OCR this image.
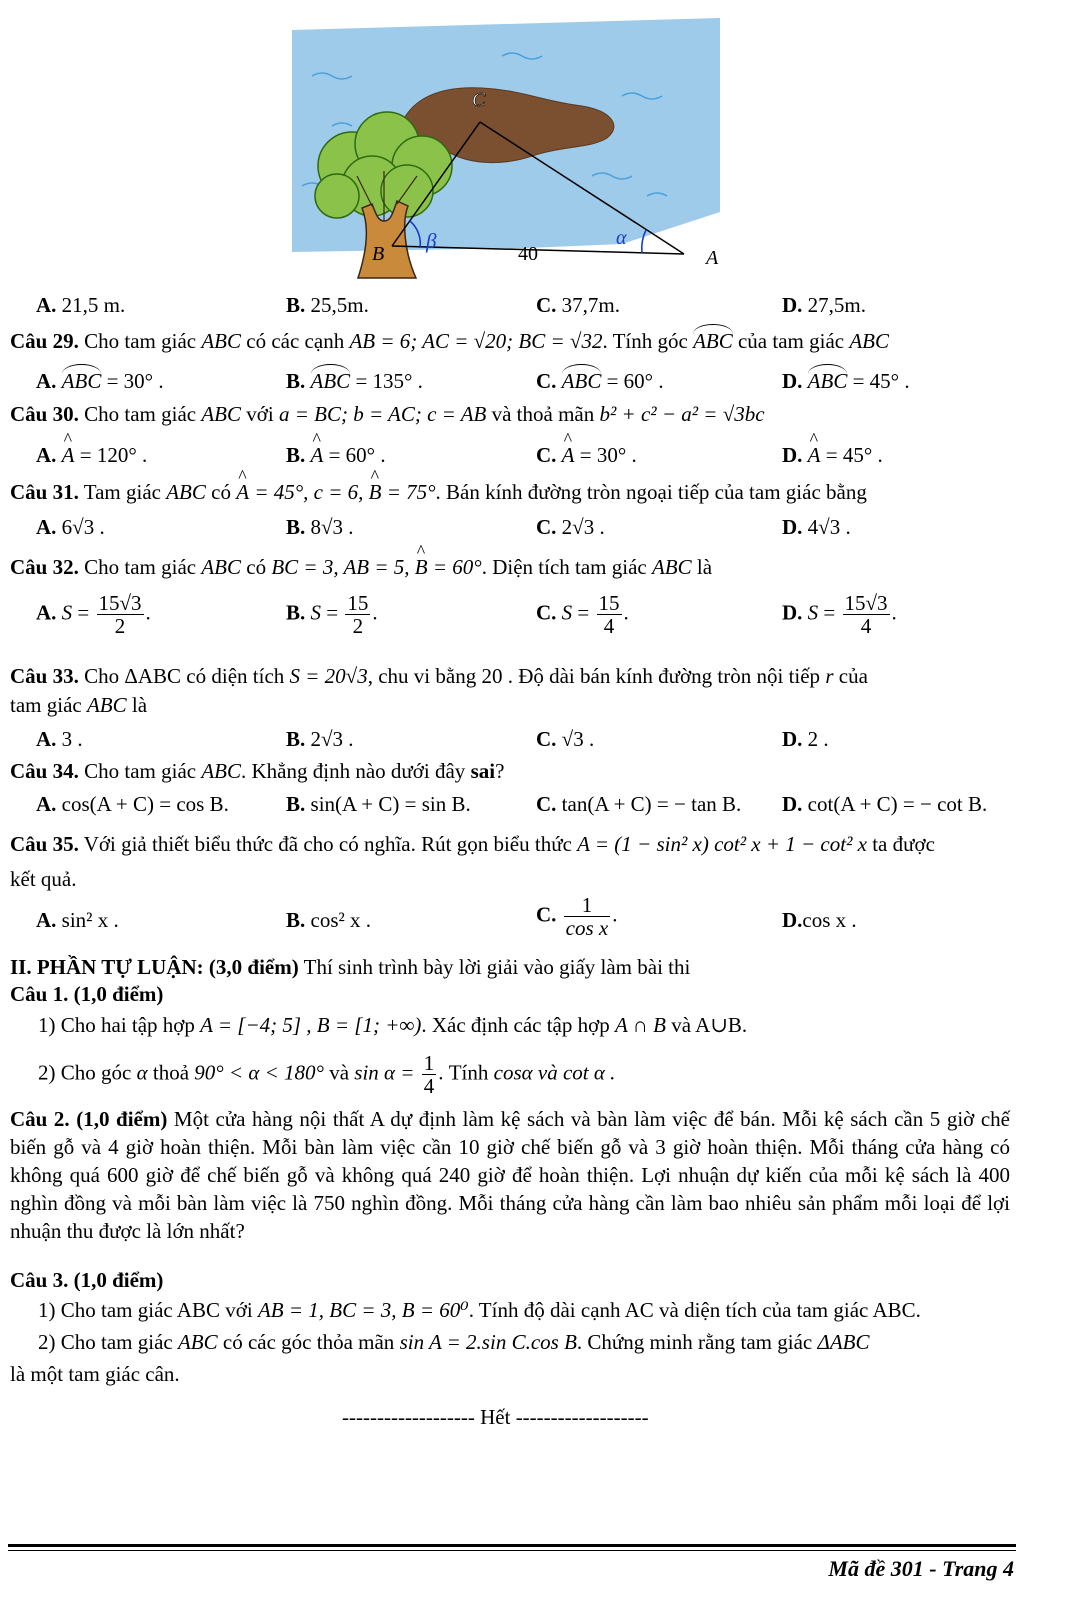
C
B	A
β	α
40
A. 21,5 m.	B. 25,5m.	C. 37,7m.	D. 27,5m.
Câu 29. Cho tam giác ABC có các cạnh AB = 6; AC = √20; BC = √32. Tính góc ABC của tam giác ABC
A. ABC = 30° .	B. ABC = 135° .	C. ABC = 60° .	D. ABC = 45° .
Câu 30. Cho tam giác ABC với a = BC; b = AC; c = AB và thoả mãn b² + c² − a² = √3bc
A. ^ A = 120° .	B. ^ A = 60° .	C. ^ A = 30° .	D. ^ A = 45° .
Câu 31. Tam giác ABC có ^ A = 45°, c = 6, ^ B = 75°. Bán kính đường tròn ngoại tiếp của tam giác bằng
A. 6√3 .	B. 8√3 .	C. 2√3 .	D. 4√3 .
Câu 32. Cho tam giác ABC có BC = 3, AB = 5, ^ B = 60°. Diện tích tam giác ABC là
A. $S = \frac{15√3}{2}$ .	B. $S = \frac{15}{2}$ .	C. $S = \frac{15}{4}$ .	D. $S = \frac{15√3}{4}$ .
Câu 33. Cho ΔABC có diện tích S = 20√3, chu vi bằng 20 . Độ dài bán kính đường tròn nội tiếp r của
tam giác ABC là
A. 3 .	B. 2√3 .	C. √3 .	D. 2 .
Câu 34. Cho tam giác ABC. Khẳng định nào dưới đây sai?
A. cos(A + C) = cos B.	B. sin(A + C) = sin B.	C. tan(A + C) = − tan B. D. cot(A + C) = − cot B.
Câu 35. Với giả thiết biểu thức đã cho có nghĩa. Rút gọn biểu thức A = (1 − sin² x) cot² x + 1 − cot² x ta được
kết quả.
A. sin² x .	B. cos² x .	C. $\frac{1}{\text{cos x}}$ .	D.cos x .
II. PHẦN TỰ LUẬN: (3,0 điểm) Thí sinh trình bày lời giải vào giấy làm bài thi
Câu 1. (1,0 điểm)
1) Cho hai tập hợp A = [−4; 5] , B = [1; +∞). Xác định các tập hợp A ∩ B và A∪B.
2) Cho góc α thoả 90° < α < 180° và $\sin \alpha = \frac{1}{4}$ . Tính cosα và cot α .
Câu 2. (1,0 điểm) Một cửa hàng nội thất A dự định làm kệ sách và bàn làm việc để bán. Mỗi kệ sách cần 5 giờ chế biến gỗ và 4 giờ hoàn thiện. Mỗi bàn làm việc cần 10 giờ chế biến gỗ và 3 giờ hoàn thiện. Mỗi tháng cửa hàng có không quá 600 giờ để chế biến gỗ và không quá 240 giờ để hoàn thiện. Lợi nhuận dự kiến của mỗi kệ sách là 400 nghìn đồng và mỗi bàn làm việc là 750 nghìn đồng. Mỗi tháng cửa hàng cần làm bao nhiêu sản phẩm mỗi loại để lợi nhuận thu được là lớn nhất?
Câu 3. (1,0 điểm)
1) Cho tam giác ABC với AB = 1, BC = 3, B = 60⁰. Tính độ dài cạnh AC và diện tích của tam giác ABC.
2) Cho tam giác ABC có các góc thỏa mãn sin A = 2.sin C.cos B. Chứng minh rằng tam giác ΔABC
là một tam giác cân.
------------------- Hết -------------------
Mã đề 301 - Trang 4
